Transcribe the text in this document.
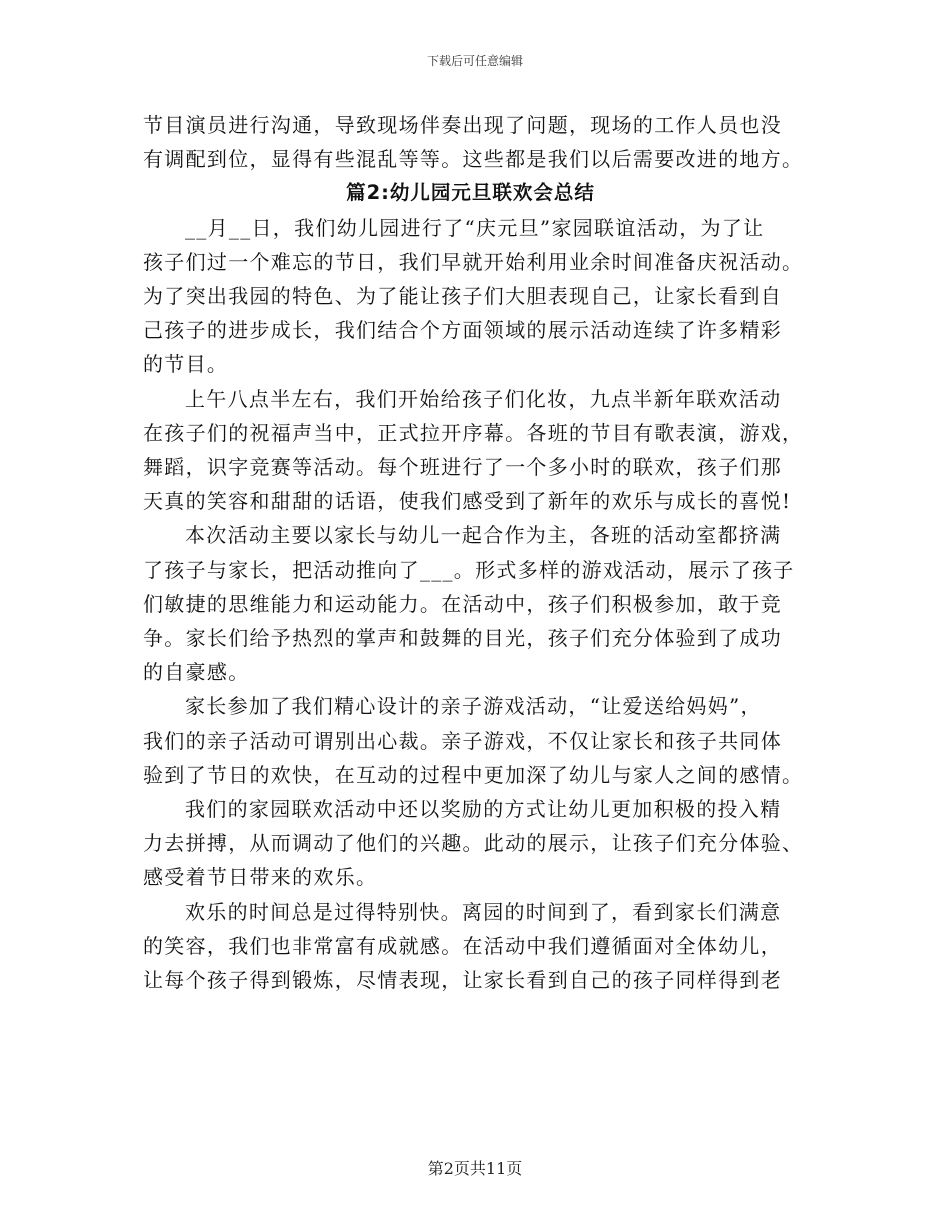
下载后可任意编辑
节目演员进行沟通，导致现场伴奏出现了问题，现场的工作人员也没
有调配到位，显得有些混乱等等。这些都是我们以后需要改进的地方。
篇2:幼儿园元旦联欢会总结
__月__日，我们幼儿园进行了“庆元旦”家园联谊活动，为了让
孩子们过一个难忘的节日，我们早就开始利用业余时间准备庆祝活动。
为了突出我园的特色、为了能让孩子们大胆表现自己，让家长看到自
己孩子的进步成长，我们结合个方面领域的展示活动连续了许多精彩
的节目。
上午八点半左右，我们开始给孩子们化妆，九点半新年联欢活动
在孩子们的祝福声当中，正式拉开序幕。各班的节目有歌表演，游戏，
舞蹈，识字竞赛等活动。每个班进行了一个多小时的联欢，孩子们那
天真的笑容和甜甜的话语，使我们感受到了新年的欢乐与成长的喜悦!
本次活动主要以家长与幼儿一起合作为主，各班的活动室都挤满
了孩子与家长，把活动推向了___。形式多样的游戏活动，展示了孩子
们敏捷的思维能力和运动能力。在活动中，孩子们积极参加，敢于竞
争。家长们给予热烈的掌声和鼓舞的目光，孩子们充分体验到了成功
的自豪感。
家长参加了我们精心设计的亲子游戏活动，“让爱送给妈妈”，
我们的亲子活动可谓别出心裁。亲子游戏，不仅让家长和孩子共同体
验到了节日的欢快，在互动的过程中更加深了幼儿与家人之间的感情。
我们的家园联欢活动中还以奖励的方式让幼儿更加积极的投入精
力去拼搏，从而调动了他们的兴趣。此动的展示，让孩子们充分体验、
感受着节日带来的欢乐。
欢乐的时间总是过得特别快。离园的时间到了，看到家长们满意
的笑容，我们也非常富有成就感。在活动中我们遵循面对全体幼儿，
让每个孩子得到锻炼，尽情表现，让家长看到自己的孩子同样得到老
第2页共11页
